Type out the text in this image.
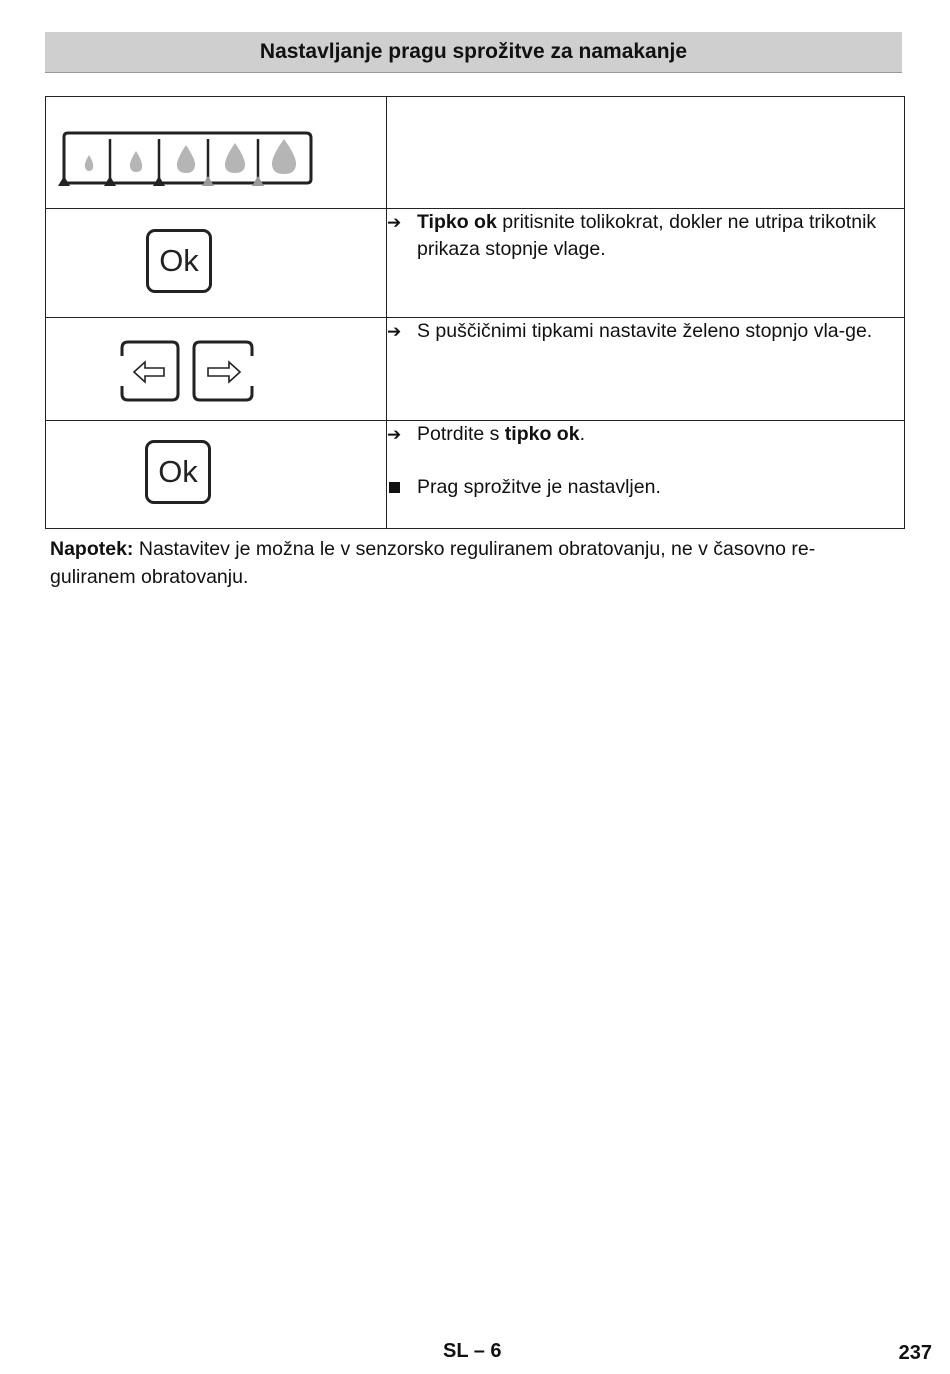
Nastavljanje pragu sprožitve za namakanje

Ok	➔ Tipko ok pritisnite tolikokrat, dokler ne utripa trikotnik prikaza stopnje vlage.

➔ S puščičnimi tipkami nastavite želeno stopnjo vla-ge.

Ok	➔ Potrdite s tipko ok.
Prag sprožitve je nastavljen.
Napotek: Nastavitev je možna le v senzorsko reguliranem obratovanju, ne v časovno re-guliranem obratovanju.
SL – 6	237
